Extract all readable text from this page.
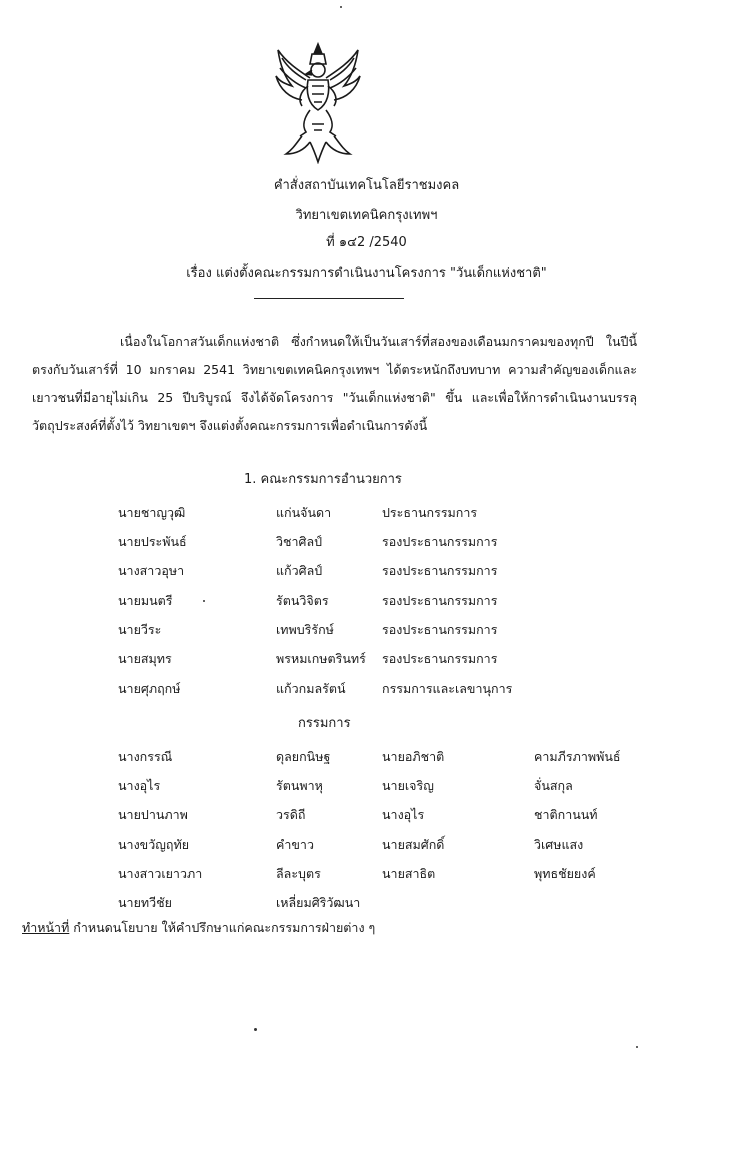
คำสั่งสถาบันเทคโนโลยีราชมงคล
วิทยาเขตเทคนิคกรุงเทพฯ
ที่ ๑๔2 /2540
เรื่อง แต่งตั้งคณะกรรมการดำเนินงานโครงการ "วันเด็กแห่งชาติ"
เนื่องในโอกาสวันเด็กแห่งชาติ ซึ่งกำหนดให้เป็นวันเสาร์ที่สองของเดือนมกราคมของทุกปี ในปีนี้ตรงกับวันเสาร์ที่ 10 มกราคม 2541 วิทยาเขตเทคนิคกรุงเทพฯ ได้ตระหนักถึงบทบาท ความสำคัญของเด็กและเยาวชนที่มีอายุไม่เกิน 25 ปีบริบูรณ์ จึงได้จัดโครงการ "วันเด็กแห่งชาติ" ขึ้น และเพื่อให้การดำเนินงานบรรลุวัตถุประสงค์ที่ตั้งไว้ วิทยาเขตฯ จึงแต่งตั้งคณะกรรมการเพื่อดำเนินการดังนี้
1. คณะกรรมการอำนวยการ
นายชาญวุฒิ	แก่นจันดา	ประธานกรรมการ
นายประพันธ์	วิชาศิลป์	รองประธานกรรมการ
นางสาวอุษา	แก้วศิลป์	รองประธานกรรมการ
นายมนตรี	รัตนวิจิตร	รองประธานกรรมการ
นายวีระ	เทพบริรักษ์	รองประธานกรรมการ
นายสมุทร	พรหมเกษตรินทร์ รองประธานกรรมการ
นายศุภฤกษ์	แก้วกมลรัตน์	กรรมการและเลขานุการ
กรรมการ
นางกรรณี	ดุลยกนิษฐ	นายอภิชาติ	คามภีรภาพพันธ์
นางอุไร	รัตนพาหุ	นายเจริญ	จั่นสกุล
นายปานภาพ	วรดิถี	นางอุไร	ชาติกานนท์
นางขวัญฤทัย	คำขาว	นายสมศักดิ์	วิเศษแสง
นางสาวเยาวภา	ลีละบุตร	นายสาธิต	พุทธชัยยงค์
นายทวีชัย	เหลี่ยมศิริวัฒนา
ทำหน้าที่ กำหนดนโยบาย ให้คำปรึกษาแก่คณะกรรมการฝ่ายต่าง ๆ
